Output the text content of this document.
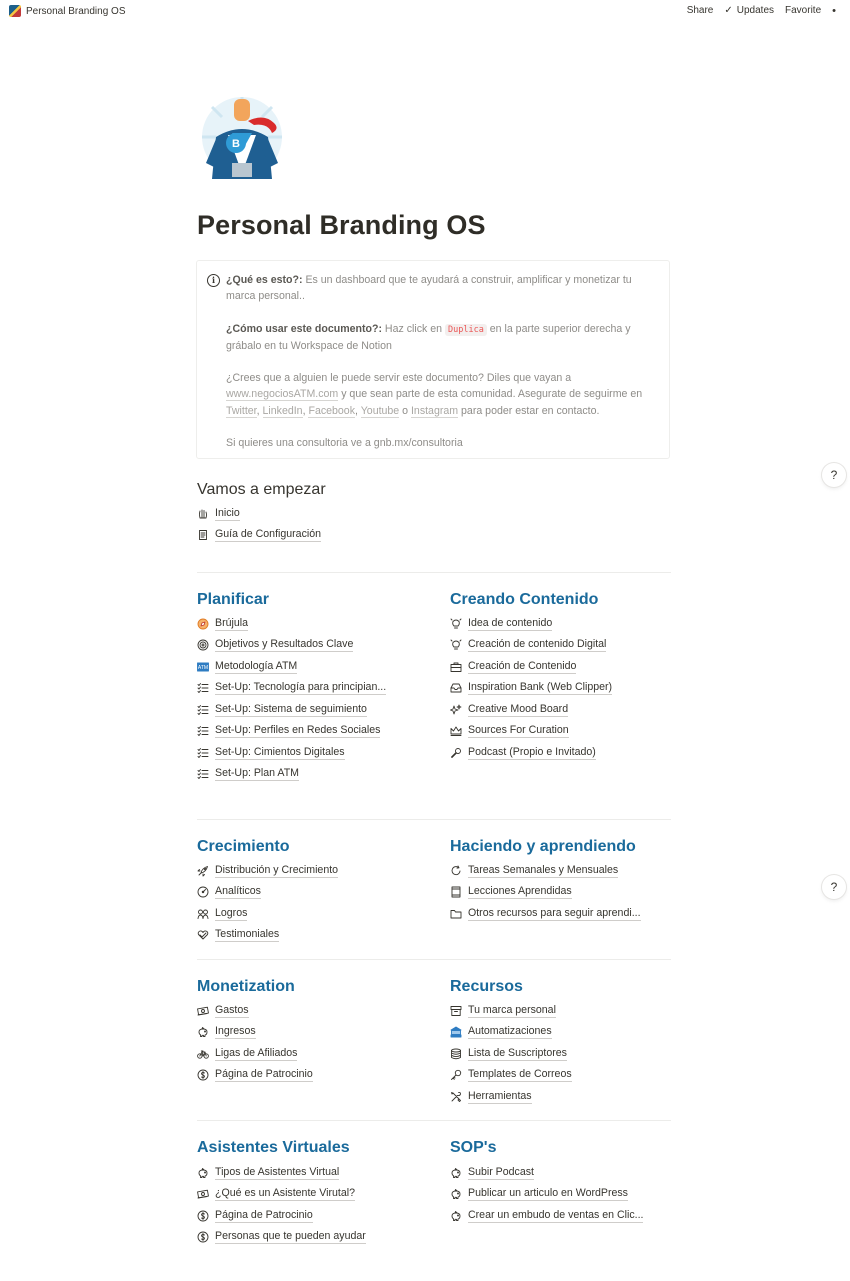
Personal Branding OS	Share ✓ Updates Favorite •
B
Personal Branding OS
i	¿Qué es esto?: Es un dashboard que te ayudará a construir, amplificar y monetizar tu marca personal..

¿Cómo usar este documento?: Haz click en Duplica en la parte superior derecha y grábalo en tu Workspace de Notion

¿Crees que a alguien le puede servir este documento? Diles que vayan a www.negociosATM.com y que sean parte de esta comunidad. Asegurate de seguirme en Twitter, LinkedIn, Facebook, Youtube o Instagram para poder estar en contacto.

Si quieres una consultoria ve a gnb.mx/consultoria

?
?
Vamos a empezar
Inicio
Guía de Configuración
Planificar
Brújula
Objetivos y Resultados Clave
ATM Metodología ATM
Set-Up: Tecnología para principian...
Set-Up: Sistema de seguimiento
Set-Up: Perfiles en Redes Sociales
Set-Up: Cimientos Digitales
Set-Up: Plan ATM
Creando Contenido
Idea de contenido
Creación de contenido Digital
Creación de Contenido
Inspiration Bank (Web Clipper)
Creative Mood Board
Sources For Curation
Podcast (Propio e Invitado)
Crecimiento
Distribución y Crecimiento
Analíticos
Logros
Testimoniales
Haciendo y aprendiendo
Tareas Semanales y Mensuales
Lecciones Aprendidas
Otros recursos para seguir aprendi...
Monetization
Gastos
Ingresos
Ligas de Afiliados
Página de Patrocinio
Recursos
Tu marca personal
Automatizaciones
Lista de Suscriptores
Templates de Correos
Herramientas
Asistentes Virtuales
Tipos de Asistentes Virtual
¿Qué es un Asistente Virutal?
Página de Patrocinio
Personas que te pueden ayudar
SOP's
Subir Podcast
Publicar un articulo en WordPress
Crear un embudo de ventas en Clic...
